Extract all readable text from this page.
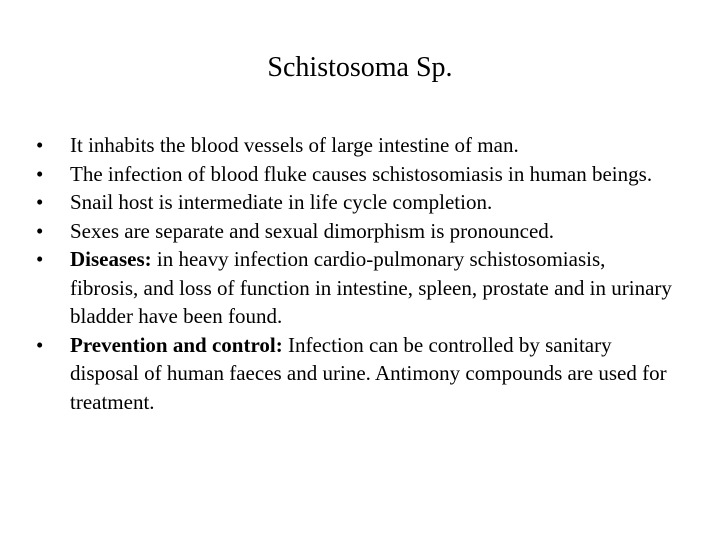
Schistosoma Sp.
•	It inhabits the blood vessels of large intestine of man.
•	The infection of blood fluke causes schistosomiasis in human beings.
•	Snail host is intermediate in life cycle completion.
•	Sexes are separate and sexual dimorphism is pronounced.
•	Diseases: in heavy infection cardio-pulmonary schistosomiasis, fibrosis, and loss of function in intestine, spleen, prostate and in urinary bladder have been found.
•	Prevention and control: Infection can be controlled by sanitary disposal of human faeces and urine. Antimony compounds are used for treatment.
